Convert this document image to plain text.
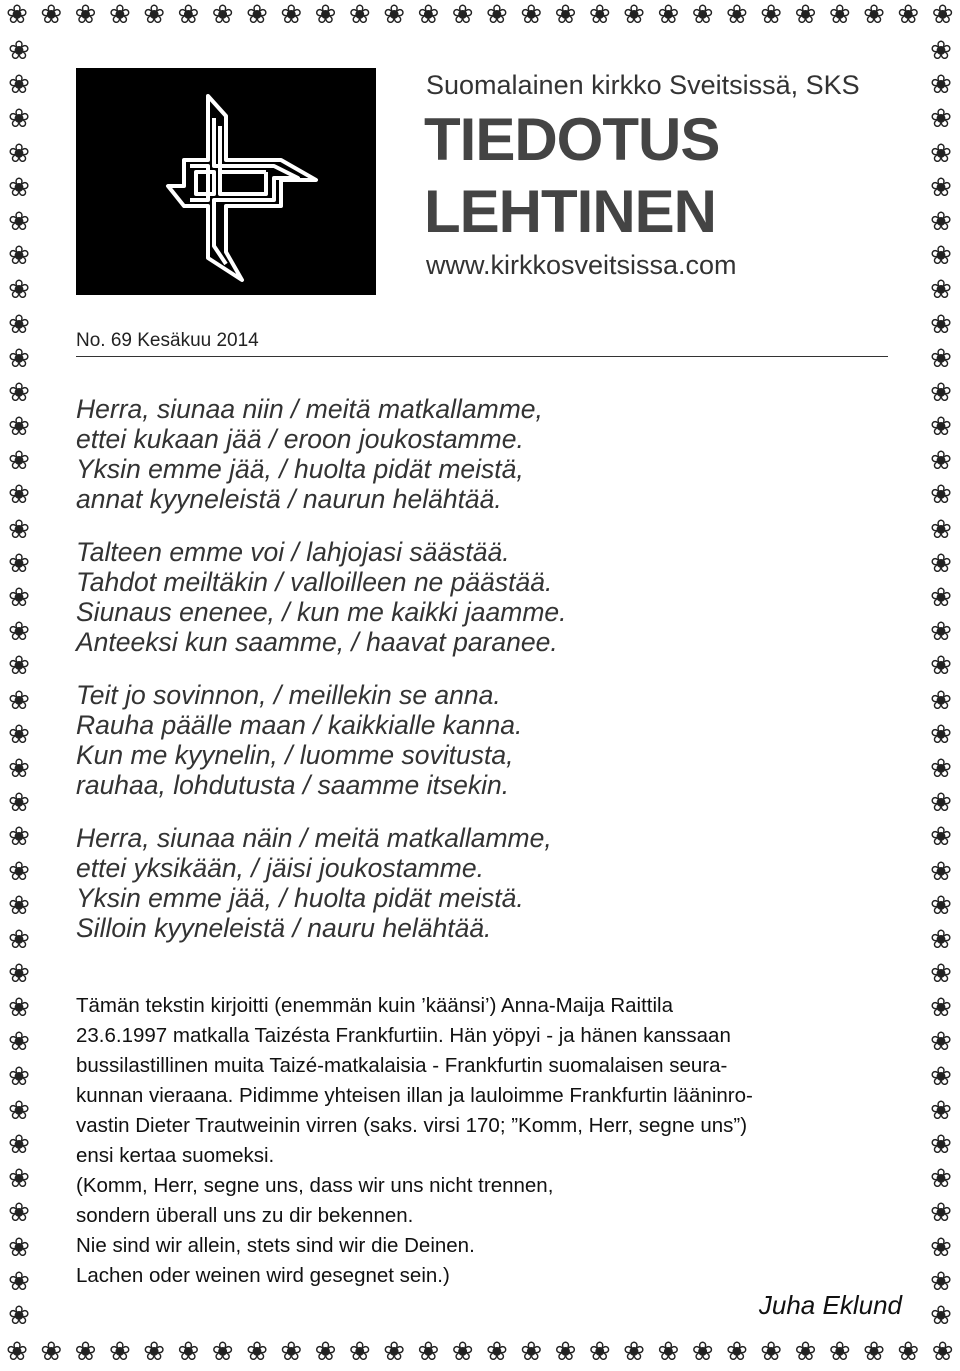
❀ ❀ ❀ ❀ ❀ ❀ ❀ ❀ ❀ ❀ ❀ ❀ ❀ ❀ ❀ ❀ ❀ ❀ ❀ ❀ ❀ ❀ ❀ ❀ ❀ ❀ ❀ ❀
❀ ❀ ❀ ❀ ❀ ❀ ❀ ❀ ❀ ❀ ❀ ❀ ❀ ❀ ❀ ❀ ❀ ❀ ❀ ❀ ❀ ❀ ❀ ❀ ❀ ❀ ❀ ❀
❀
❀
❀
❀
❀
❀
❀
❀
❀
❀
❀
❀
❀
❀
❀
❀
❀
❀
❀
❀
❀
❀
❀
❀
❀
❀
❀
❀
❀
❀
❀
❀
❀
❀
❀
❀
❀
❀
❀
❀
❀
❀
❀
❀
❀
❀
❀
❀
❀
❀
❀
❀
❀
❀
❀
❀
❀
❀
❀
❀
❀
❀
❀
❀
❀
❀
❀
❀
❀
❀
❀
❀
❀
❀
❀
❀
Suomalainen kirkko Sveitsissä, SKS
TIEDOTUS
LEHTINEN
www.kirkkosveitsissa.com
No. 69 Kesäkuu 2014
Herra, siunaa niin / meitä matkallamme,
ettei kukaan jää / eroon joukostamme.
Yksin emme jää, / huolta pidät meistä,
annat kyyneleistä / naurun helähtää.
Talteen emme voi / lahjojasi säästää.
Tahdot meiltäkin / valloilleen ne päästää.
Siunaus enenee, / kun me kaikki jaamme.
Anteeksi kun saamme, / haavat paranee.
Teit jo sovinnon, / meillekin se anna.
Rauha päälle maan / kaikkialle kanna.
Kun me kyynelin, / luomme sovitusta,
rauhaa, lohdutusta / saamme itsekin.
Herra, siunaa näin / meitä matkallamme,
ettei yksikään, / jäisi joukostamme.
Yksin emme jää, / huolta pidät meistä.
Silloin kyyneleistä / nauru helähtää.
Tämän tekstin kirjoitti (enemmän kuin ’käänsi’) Anna-Maija Raittila
23.6.1997 matkalla Taizésta Frankfurtiin. Hän yöpyi - ja hänen kanssaan
bussilastillinen muita Taizé-matkalaisia - Frankfurtin suomalaisen seura-
kunnan vieraana. Pidimme yhteisen illan ja lauloimme Frankfurtin lääninro-
vastin Dieter Trautweinin virren (saks. virsi 170; ”Komm, Herr, segne uns”)
ensi kertaa suomeksi.
(Komm, Herr, segne uns, dass wir uns nicht trennen,
sondern überall uns zu dir bekennen.
Nie sind wir allein, stets sind wir die Deinen.
Lachen oder weinen wird gesegnet sein.)
Juha Eklund
